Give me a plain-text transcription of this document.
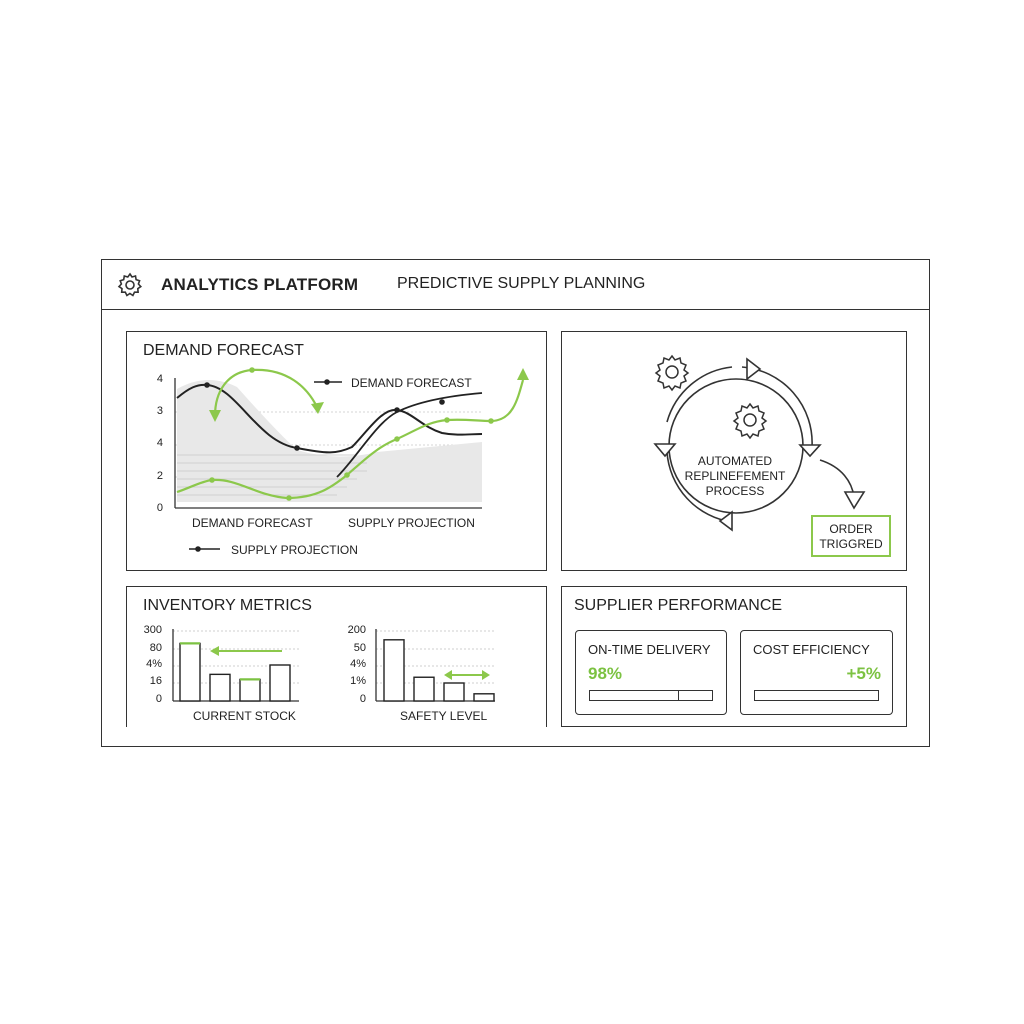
ANALYTICS PLATFORM PREDICTIVE SUPPLY PLANNING
DEMAND FORECAST
4
3
4
2
0
DEMAND FORECAST
DEMAND FORECAST	SUPPLY PROJECTION
SUPPLY PROJECTION
AUTOMATED
REPLINEFEMENT
PROCESS
ORDER
TRIGGRED
INVENTORY METRICS
300
80
4%
16
0
200
50
4%
1%
0
CURRENT STOCK	SAFETY LEVEL
SUPPLIER PERFORMANCE
ON-TIME DELIVERY
98%
COST EFFICIENCY
+5%
